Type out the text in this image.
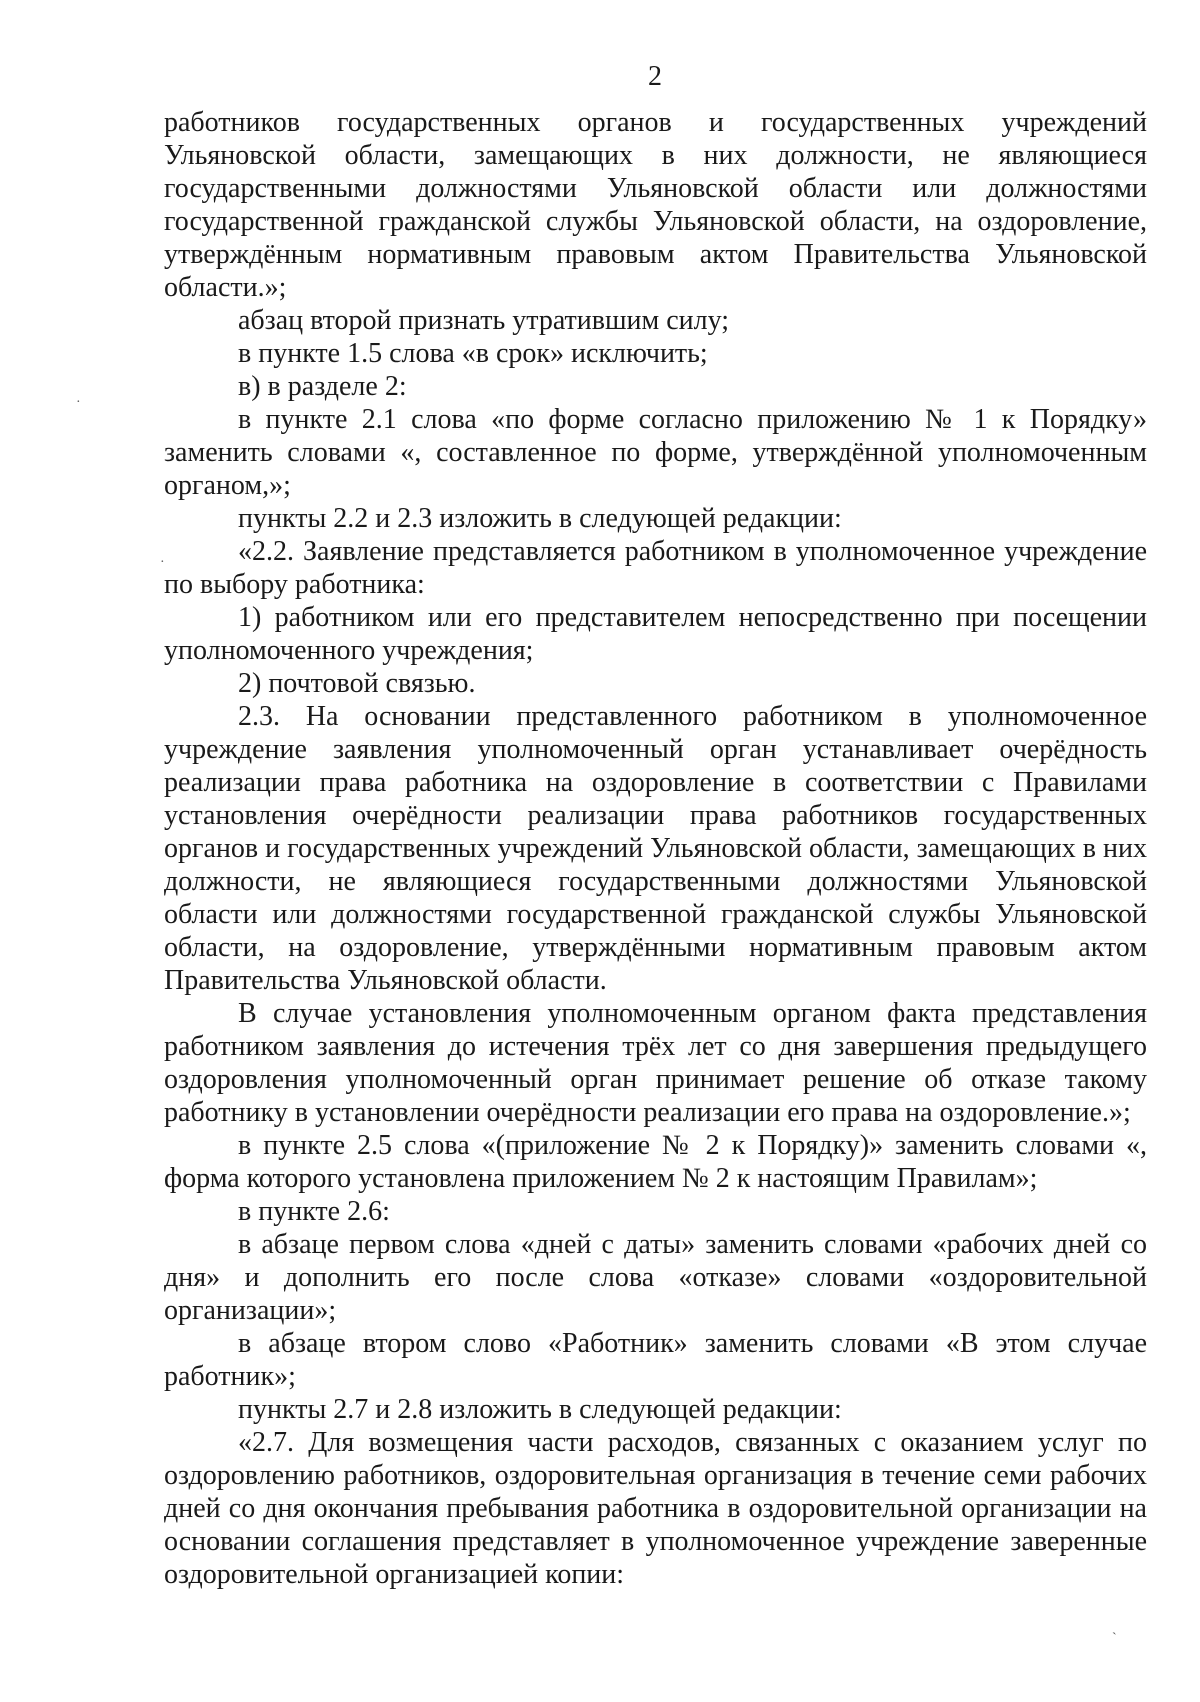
2

работников государственных органов и государственных учреждений Ульяновской области, замещающих в них должности, не являющиеся государственными должностями Ульяновской области или должностями государственной гражданской службы Ульяновской области, на оздоровление, утверждённым нормативным правовым актом Правительства Ульяновской области.»;

абзац второй признать утратившим силу;

в пункте 1.5 слова «в срок» исключить;

в) в разделе 2:

в пункте 2.1 слова «по форме согласно приложению № 1 к Порядку» заменить словами «, составленное по форме, утверждённой уполномоченным органом,»;

пункты 2.2 и 2.3 изложить в следующей редакции:

«2.2. Заявление представляется работником в уполномоченное учреждение по выбору работника:

1) работником или его представителем непосредственно при посещении уполномоченного учреждения;

2) почтовой связью.

2.3. На основании представленного работником в уполномоченное учреждение заявления уполномоченный орган устанавливает очерёдность реализации права работника на оздоровление в соответствии с Правилами установления очерёдности реализации права работников государственных органов и государственных учреждений Ульяновской области, замещающих в них должности, не являющиеся государственными должностями Ульяновской области или должностями государственной гражданской службы Ульяновской области, на оздоровление, утверждёнными нормативным правовым актом Правительства Ульяновской области.

В случае установления уполномоченным органом факта представления работником заявления до истечения трёх лет со дня завершения предыдущего оздоровления уполномоченный орган принимает решение об отказе такому работнику в установлении очерёдности реализации его права на оздоровление.»;

в пункте 2.5 слова «(приложение № 2 к Порядку)» заменить словами «, форма которого установлена приложением № 2 к настоящим Правилам»;

в пункте 2.6:

в абзаце первом слова «дней с даты» заменить словами «рабочих дней со дня» и дополнить его после слова «отказе» словами «оздоровительной организации»;

в абзаце втором слово «Работник» заменить словами «В этом случае работник»;

пункты 2.7 и 2.8 изложить в следующей редакции:

«2.7. Для возмещения части расходов, связанных с оказанием услуг по оздоровлению работников, оздоровительная организация в течение семи рабочих дней со дня окончания пребывания работника в оздоровительной организации на основании соглашения представляет в уполномоченное учреждение заверенные оздоровительной организацией копии:

·
·
ˋ
